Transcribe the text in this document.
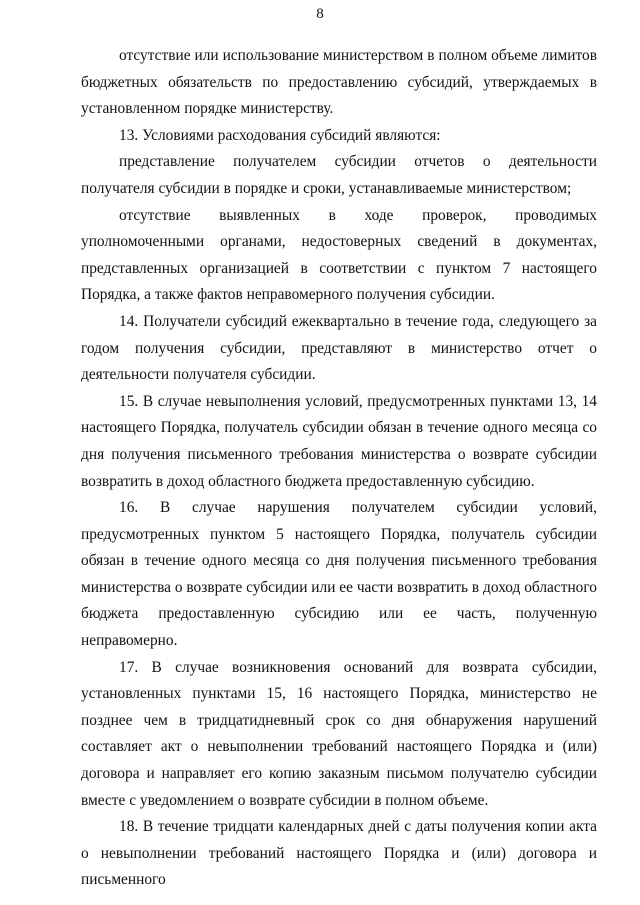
8

отсутствие или использование министерством в полном объеме лимитов бюджетных обязательств по предоставлению субсидий, утверждаемых в установленном порядке министерству.

13. Условиями расходования субсидий являются:

представление получателем субсидии отчетов о деятельности получателя субсидии в порядке и сроки, устанавливаемые министерством;

отсутствие выявленных в ходе проверок, проводимых уполномоченными органами, недостоверных сведений в документах, представленных организацией в соответствии с пунктом 7 настоящего Порядка, а также фактов неправомерного получения субсидии.

14. Получатели субсидий ежеквартально в течение года, следующего за годом получения субсидии, представляют в министерство отчет о деятельности получателя субсидии.

15. В случае невыполнения условий, предусмотренных пунктами 13, 14 настоящего Порядка, получатель субсидии обязан в течение одного месяца со дня получения письменного требования министерства о возврате субсидии возвратить в доход областного бюджета предоставленную субсидию.

16. В случае нарушения получателем субсидии условий, предусмотренных пунктом 5 настоящего Порядка, получатель субсидии обязан в течение одного месяца со дня получения письменного требования министерства о возврате субсидии или ее части возвратить в доход областного бюджета предоставленную субсидию или ее часть, полученную неправомерно.

17. В случае возникновения оснований для возврата субсидии, установленных пунктами 15, 16 настоящего Порядка, министерство не позднее чем в тридцатидневный срок со дня обнаружения нарушений составляет акт о невыполнении требований настоящего Порядка и (или) договора и направляет его копию заказным письмом получателю субсидии вместе с уведомлением о возврате субсидии в полном объеме.

18. В течение тридцати календарных дней с даты получения копии акта о невыполнении требований настоящего Порядка и (или) договора и письменного
